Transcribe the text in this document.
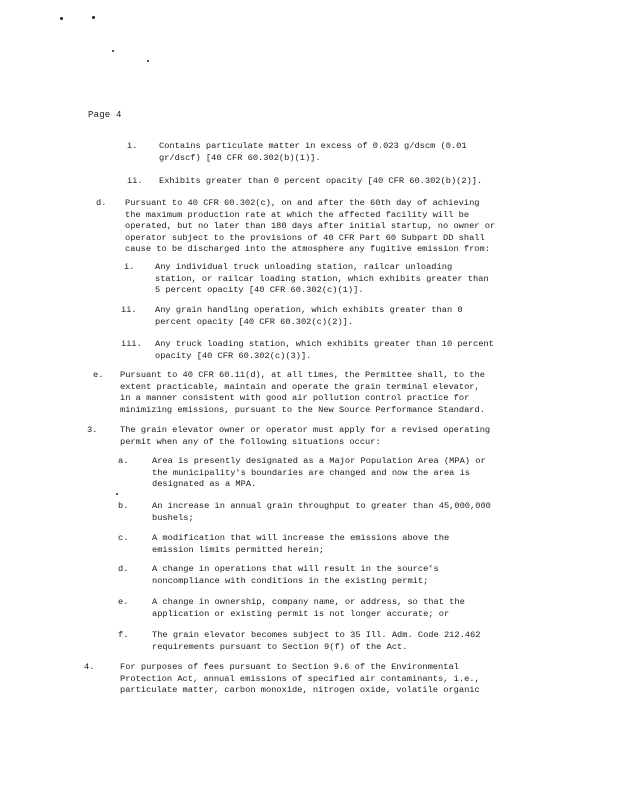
Page 4
i. Contains particulate matter in excess of 0.023 g/dscm (0.01
gr/dscf) [40 CFR 60.302(b)(1)].
ii. Exhibits greater than 0 percent opacity [40 CFR 60.302(b)(2)].
d. Pursuant to 40 CFR 60.302(c), on and after the 60th day of achieving
the maximum production rate at which the affected facility will be
operated, but no later than 180 days after initial startup, no owner or
operator subject to the provisions of 40 CFR Part 60 Subpart DD shall
cause to be discharged into the atmosphere any fugitive emission from:
i. Any individual truck unloading station, railcar unloading
station, or railcar loading station, which exhibits greater than
5 percent opacity [40 CFR 60.302(c)(1)].
ii. Any grain handling operation, which exhibits greater than 0
percent opacity [40 CFR 60.302(c)(2)].
iii. Any truck loading station, which exhibits greater than 10 percent
opacity [40 CFR 60.302(c)(3)].
e. Pursuant to 40 CFR 60.11(d), at all times, the Permittee shall, to the
extent practicable, maintain and operate the grain terminal elevator,
in a manner consistent with good air pollution control practice for
minimizing emissions, pursuant to the New Source Performance Standard.
3.	The grain elevator owner or operator must apply for a revised operating
permit when any of the following situations occur:
a.	Area is presently designated as a Major Population Area (MPA) or
the municipality's boundaries are changed and now the area is
designated as a MPA.
b.	An increase in annual grain throughput to greater than 45,000,000
bushels;
c.	A modification that will increase the emissions above the
emission limits permitted herein;
d.	A change in operations that will result in the source's
noncompliance with conditions in the existing permit;
e.	A change in ownership, company name, or address, so that the
application or existing permit is not longer accurate; or
f.	The grain elevator becomes subject to 35 Ill. Adm. Code 212.462
requirements pursuant to Section 9(f) of the Act.
4.	For purposes of fees pursuant to Section 9.6 of the Environmental
Protection Act, annual emissions of specified air contaminants, i.e.,
particulate matter, carbon monoxide, nitrogen oxide, volatile organic
